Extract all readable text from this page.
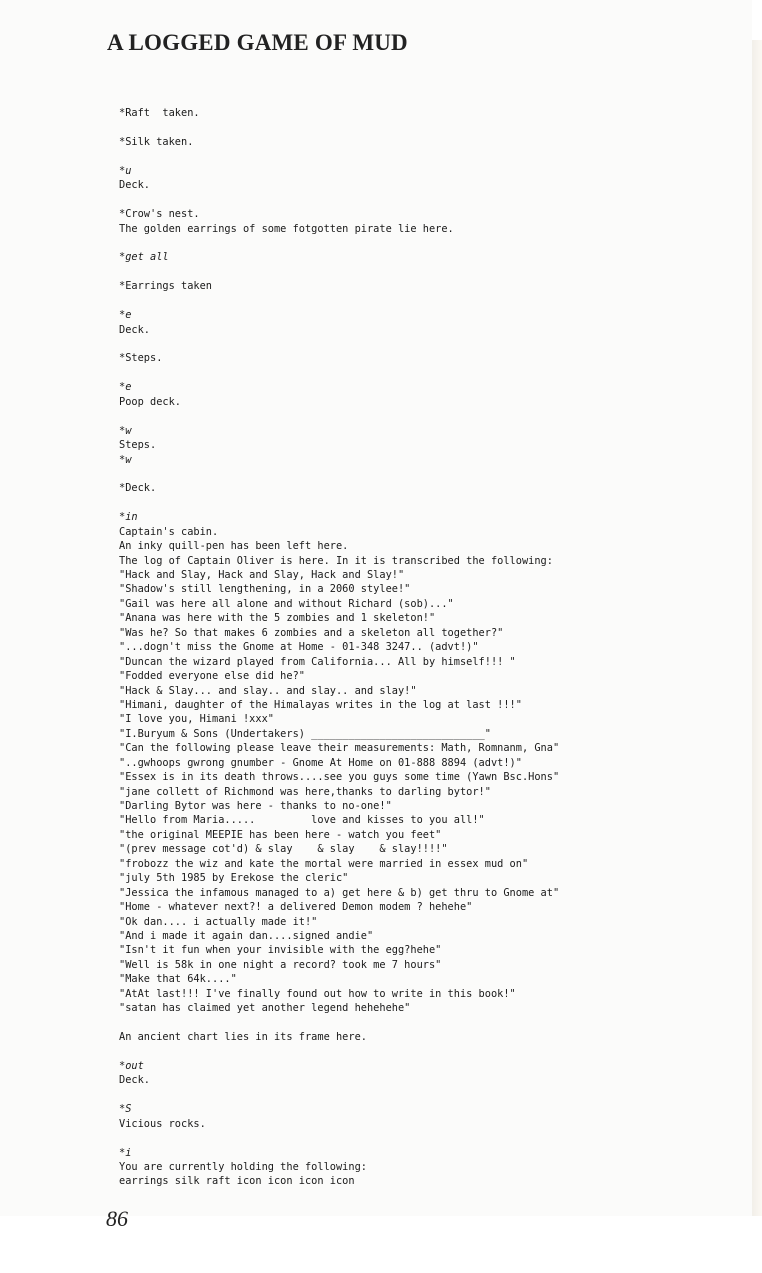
A LOGGED GAME OF MUD
*Raft  taken.
*Silk taken.
*u
Deck.
*Crow's nest.
The golden earrings of some fotgotten pirate lie here.
*get all
*Earrings taken
*e
Deck.
*Steps.
*e
Poop deck.
*w
Steps.
*w
*Deck.
*in
Captain's cabin.
An inky quill-pen has been left here.
The log of Captain Oliver is here. In it is transcribed the following:
"Hack and Slay, Hack and Slay, Hack and Slay!"
"Shadow's still lengthening, in a 2060 stylee!"
"Gail was here all alone and without Richard (sob)..."
"Anana was here with the 5 zombies and 1 skeleton!"
"Was he? So that makes 6 zombies and a skeleton all together?"
"...dogn't miss the Gnome at Home - 01-348 3247.. (advt!)"
"Duncan the wizard played from California... All by himself!!! "
"Fodded everyone else did he?"
"Hack & Slay... and slay.. and slay.. and slay!"
"Himani, daughter of the Himalayas writes in the log at last !!!"
"I love you, Himani !xxx"
"I.Buryum & Sons (Undertakers) ____________________________"
"Can the following please leave their measurements: Math, Romnanm, Gna"
"..gwhoops gwrong gnumber - Gnome At Home on 01-888 8894 (advt!)"
"Essex is in its death throws....see you guys some time (Yawn Bsc.Hons"
"jane collett of Richmond was here,thanks to darling bytor!"
"Darling Bytor was here - thanks to no-one!"
"Hello from Maria.....         love and kisses to you all!"
"the original MEEPIE has been here - watch you feet"
"(prev message cot'd) & slay    & slay    & slay!!!!"
"frobozz the wiz and kate the mortal were married in essex mud on"
"july 5th 1985 by Erekose the cleric"
"Jessica the infamous managed to a) get here & b) get thru to Gnome at"
"Home - whatever next?! a delivered Demon modem ? hehehe"
"Ok dan.... i actually made it!"
"And i made it again dan....signed andie"
"Isn't it fun when your invisible with the egg?hehe"
"Well is 58k in one night a record? took me 7 hours"
"Make that 64k...."
"AtAt last!!! I've finally found out how to write in this book!"
"satan has claimed yet another legend hehehehe"
An ancient chart lies in its frame here.
*out
Deck.
*S
Vicious rocks.
*i
You are currently holding the following:
earrings silk raft icon icon icon icon
86
